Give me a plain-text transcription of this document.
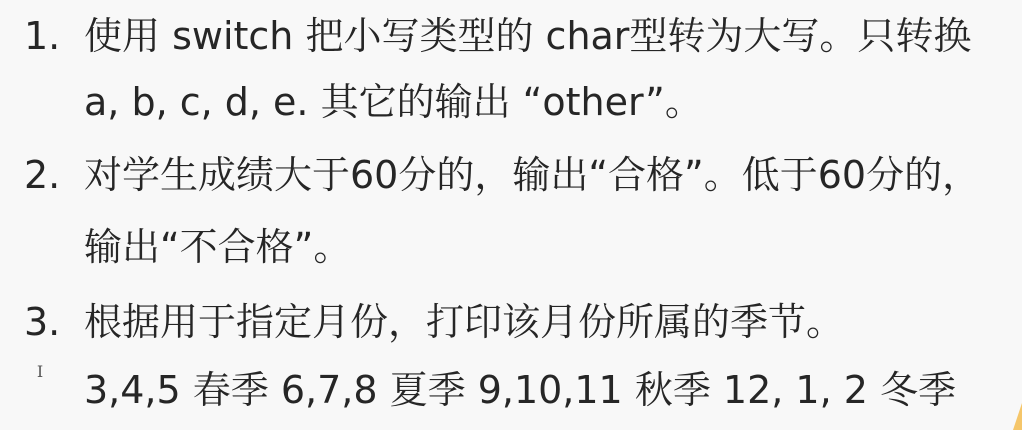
1. 使用 switch 把小写类型的 char型转为大写。只转换
a, b, c, d, e. 其它的输出 “other”。
2. 对学生成绩大于60分的，输出“合格”。低于60分的，
输出“不合格”。
3. 根据用于指定月份，打印该月份所属的季节。
3,4,5 春季 6,7,8 夏季 9,10,11 秋季 12, 1, 2 冬季
I
